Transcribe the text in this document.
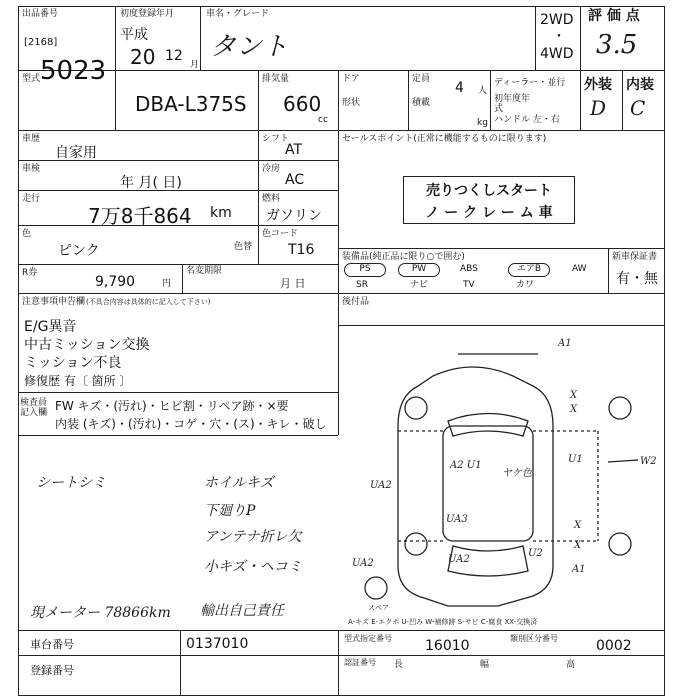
出品番号
[2168]
5023
初度登録年月
平成
20 12
月
車名・グレード
タント
2WD
・
4WD
評 価 点
3.5
型式
DBA-L375S
排気量
660
cc
ドア
形状
定員
4 人
積載
kg
ディーラー・並行
初年度年式
ハンドル 左・右
外装 内装
D C
車歴
自家用
シフト
AT
車検
年 月( 日)
冷房
AC
走行
7万8千864 km
燃料
ガソリン
色
ピンク	色替
色コード
T16
R券
9,790	円
名変期限
月 日
セールスポイント(正常に機能するものに限ります)
売りつくしスタート
ノ ー ク レ ー ム 車
装備品(純正品に限り○で囲む)	新車保証書
有・無
PS	PW	ABS	エアB	AW
SR	ナビ	TV	カワ
後付品
注意事項申告欄 (不具合内容は具体的に記入して下さい)
E/G異音
中古ミッション交換
ミッション不良
修復歴 有〔 箇所 〕
検査員記入欄 FW キズ・(汚れ)・ヒビ割・リペア跡・×要
内装 (キズ)・(汚れ)・コゲ・穴・(ス)・キレ・破し
シートシミ	ホイルキズ
下廻りP
アンテナ折レ欠
小キズ・ヘコミ
現メーター 78866km 輸出自己責任
A1
X
X
U1	W2
A2 U1
ヤケ色
UA2
UA3
UA2
U2
X
X
A1
UA2
スペア
A-キズ E-エクボ U-凹み W-補修跡 S-サビ C-腐食 XX-交換済
車台番号	0137010
登録番号
型式指定番号 16010	類別区分番号	0002
認証番号 長	幅	高
